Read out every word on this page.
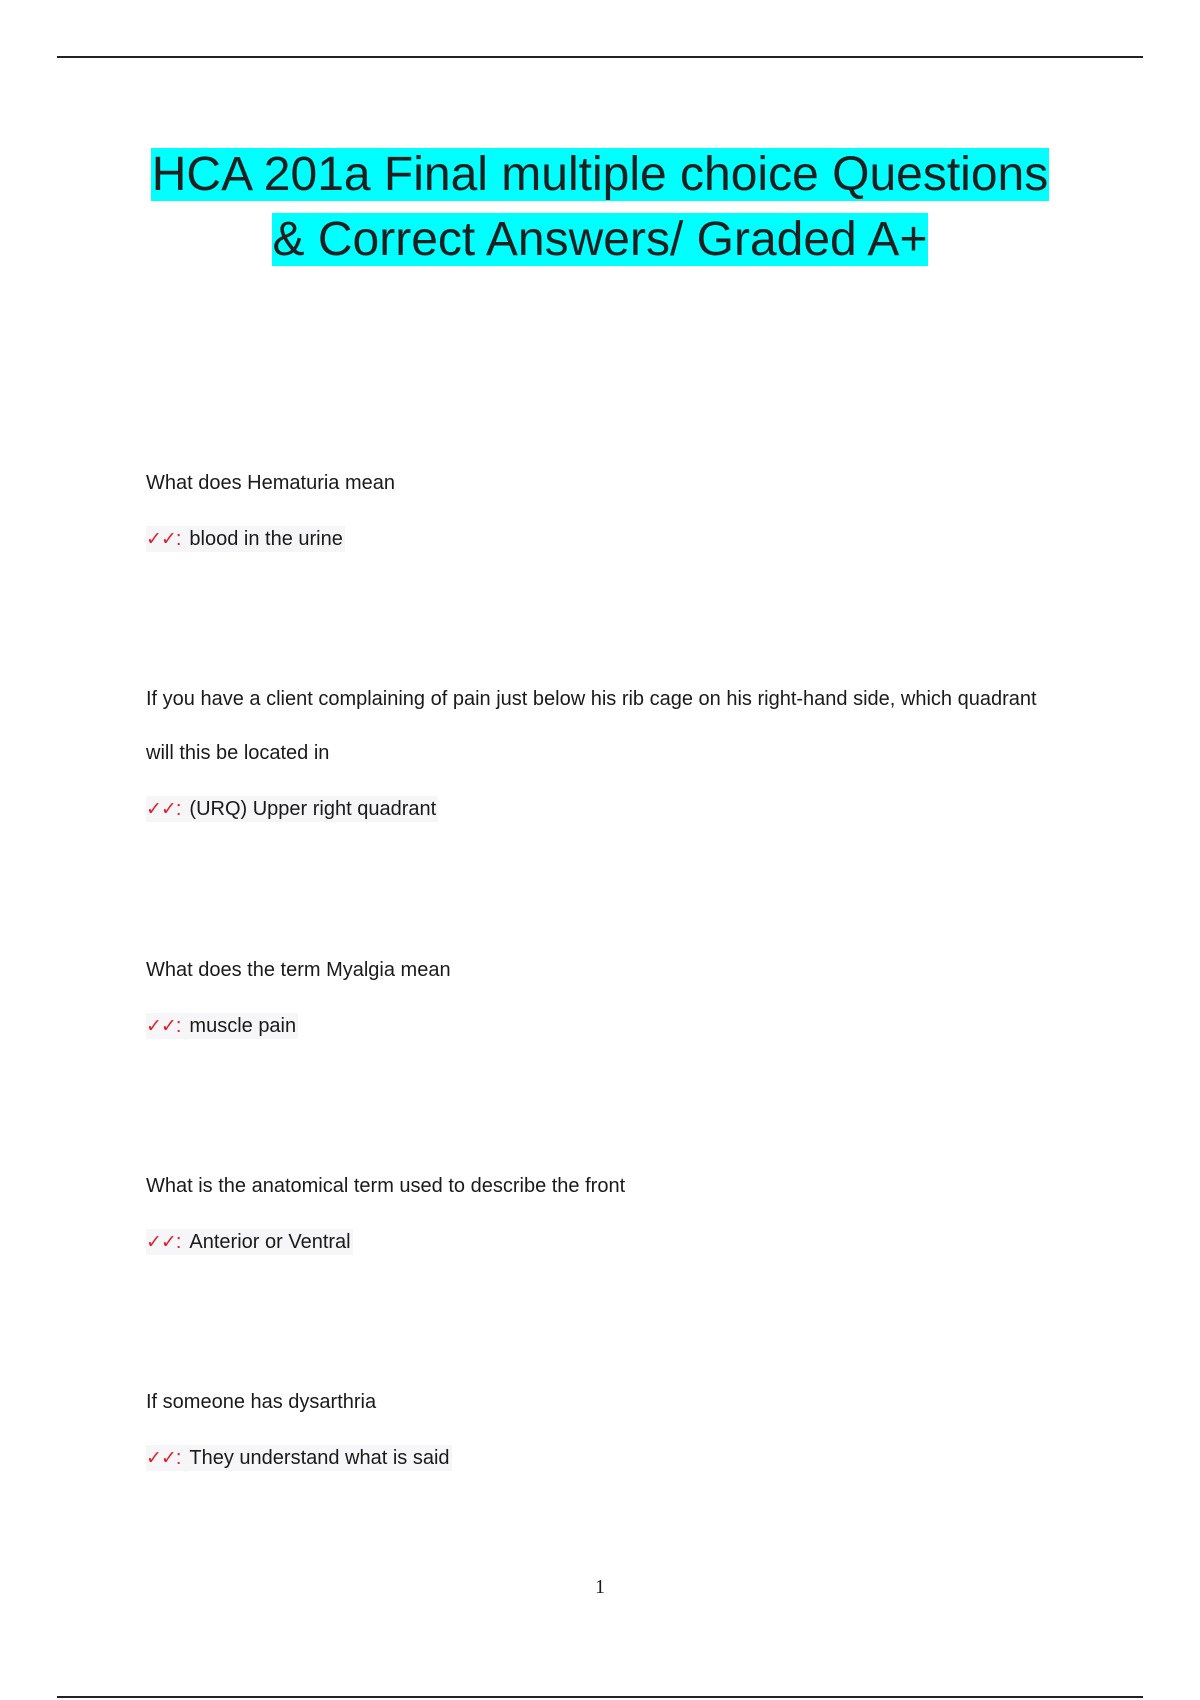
HCA 201a Final multiple choice Questions
& Correct Answers/ Graded A+

What does Hematuria mean

✓✓: blood in the urine

If you have a client complaining of pain just below his rib cage on his right-hand side, which quadrant

will this be located in

✓✓: (URQ) Upper right quadrant

What does the term Myalgia mean

✓✓: muscle pain

What is the anatomical term used to describe the front

✓✓: Anterior or Ventral

If someone has dysarthria

✓✓: They understand what is said
1
